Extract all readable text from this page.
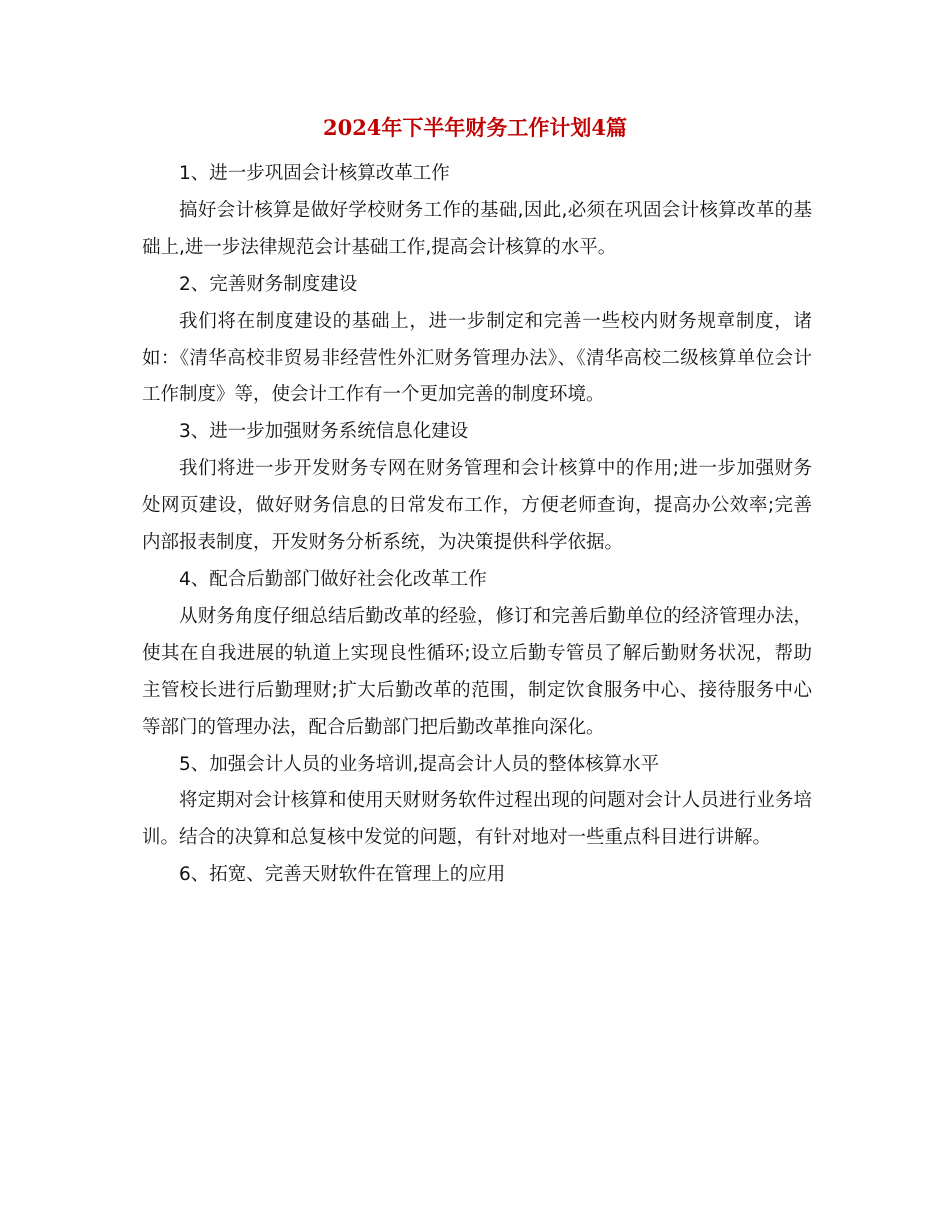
2024年下半年财务工作计划4篇

1、进一步巩固会计核算改革工作

搞好会计核算是做好学校财务工作的基础,因此,必须在巩固会计核算改革的基础上,进一步法律规范会计基础工作,提高会计核算的水平。

2、完善财务制度建设

我们将在制度建设的基础上，进一步制定和完善一些校内财务规章制度，诸如：《清华高校非贸易非经营性外汇财务管理办法》、《清华高校二级核算单位会计工作制度》等，使会计工作有一个更加完善的制度环境。

3、进一步加强财务系统信息化建设

我们将进一步开发财务专网在财务管理和会计核算中的作用;进一步加强财务处网页建设，做好财务信息的日常发布工作，方便老师查询，提高办公效率;完善内部报表制度，开发财务分析系统，为决策提供科学依据。

4、配合后勤部门做好社会化改革工作

从财务角度仔细总结后勤改革的经验，修订和完善后勤单位的经济管理办法，使其在自我进展的轨道上实现良性循环;设立后勤专管员了解后勤财务状况，帮助主管校长进行后勤理财;扩大后勤改革的范围，制定饮食服务中心、接待服务中心等部门的管理办法，配合后勤部门把后勤改革推向深化。

5、加强会计人员的业务培训,提高会计人员的整体核算水平

将定期对会计核算和使用天财财务软件过程出现的问题对会计人员进行业务培训。结合的决算和总复核中发觉的问题，有针对地对一些重点科目进行讲解。

6、拓宽、完善天财软件在管理上的应用
